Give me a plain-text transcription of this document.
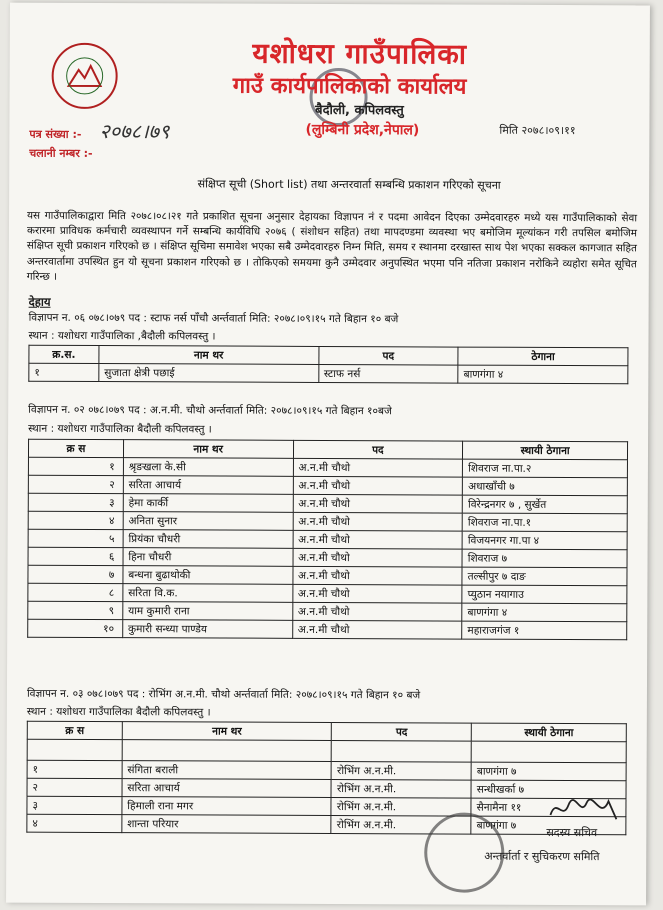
यशोधरा गाउँपालिका
गाउँ कार्यपालिकाको कार्यालय
बैदौली, कपिलवस्तु
(लुम्बिनी प्रदेश,नेपाल)
पत्र संख्या :- २०७८।७९
चलानी नम्बर :-
मिति २०७८।०९।११
संक्षिप्त सूची (Short list) तथा अन्तरवार्ता सम्बन्धि प्रकाशन गरिएको सूचना
यस गाउँपालिकाद्वारा मिति २०७८।०८।२१ गते प्रकाशित सूचना अनुसार देहायका विज्ञापन नं र पदमा आवेदन दिएका उम्मेदवारहरु मध्ये यस गाउँपालिकाको सेवा करारमा प्राविधक कर्मचारी व्यवस्थापन गर्ने सम्बन्धि कार्यविधि २०७६ ( संशोधन सहित) तथा मापदण्डमा व्यवस्था भए बमोजिम मूल्यांकन गरी तपसिल बमोजिम संक्षिप्त सूची प्रकाशन गरिएको छ । संक्षिप्त सूचिमा समावेश भएका सबै उम्मेदवारहरु निम्न मिति, समय र स्थानमा दरखास्त साथ पेश भएका सक्कल कागजात सहित अन्तरवार्तामा उपस्थित हुन यो सूचना प्रकाशन गरिएको छ । तोकिएको समयमा कुनै उम्मेदवार अनुपस्थित भएमा पनि नतिजा प्रकाशन नरोकिने व्यहोरा समेत सूचित गरिन्छ ।
देहाय
विज्ञापन न. ०६ ०७८।०७९ पद : स्टाफ नर्स पाँचौ अर्न्तवार्ता मिति: २०७८।०९।१५ गते बिहान १० बजे
स्थान : यशोधरा गाउँपालिका ,बैदौली कपिलवस्तु ।
क्र.स.	नाम थर	पद	ठेगाना
१	सुजाता क्षेत्री पछाई	स्टाफ नर्स	बाणगंगा ४
विज्ञापन न. ०२ ०७८।०७९ पद : अ.न.मी. चौथो अर्न्तवार्ता मिति: २०७८।०९।१५ गते बिहान १०बजे
स्थान : यशोधरा गाउँपालिका बैदौली कपिलवस्तु ।
क्र स	नाम थर	पद	स्थायी ठेगाना
१	श्रृङखला के.सी	अ.न.मी चौथो	शिवराज ना.पा.२
२	सरिता आचार्य	अ.न.मी चौथो	अधाखाँची ७
३	हेमा कार्की	अ.न.मी चौथो	विरेन्द्रनगर ७ , सुर्खेत
४	अनिता सुनार	अ.न.मी चौथो	शिवराज ना.पा.१
५	प्रियंका चौधरी	अ.न.मी चौथो	विजयनगर गा.पा ४
६	हिना चौधरी	अ.न.मी चौथो	शिवराज ७
७	बन्धना बुढाथोकी	अ.न.मी चौथो	तल्सीपुर ७ दाङ
८	सरिता वि.क.	अ.न.मी चौथो	प्युठान नयागाउ
९	याम कुमारी राना	अ.न.मी चौथो	बाणगंगा ४
१०	कुमारी सन्ध्या पाण्डेय	अ.न.मी चौथो	महाराजगंज १
विज्ञापन न. ०३ ०७८।०७९ पद : रोभिंग अ.न.मी. चौथो अर्न्तवार्ता मिति: २०७८।०९।१५ गते बिहान १० बजे
स्थान : यशोधरा गाउँपालिका बैदौली कपिलवस्तु ।
क्र स	नाम थर	पद	स्थायी ठेगाना

१	संगिता बराली	रोभिंग अ.न.मी.	बाणगंगा ७
२	सरिता आचार्य	रोभिंग अ.न.मी.	सन्धीखर्का ७
३	हिमाली राना मगर	रोभिंग अ.न.मी.	सैनामैना ११
४	शान्ता परियार	रोभिंग अ.न.मी.	बाणगंगा ७
सदस्य सचिव
अन्तर्वार्ता र सुचिकरण समिति
